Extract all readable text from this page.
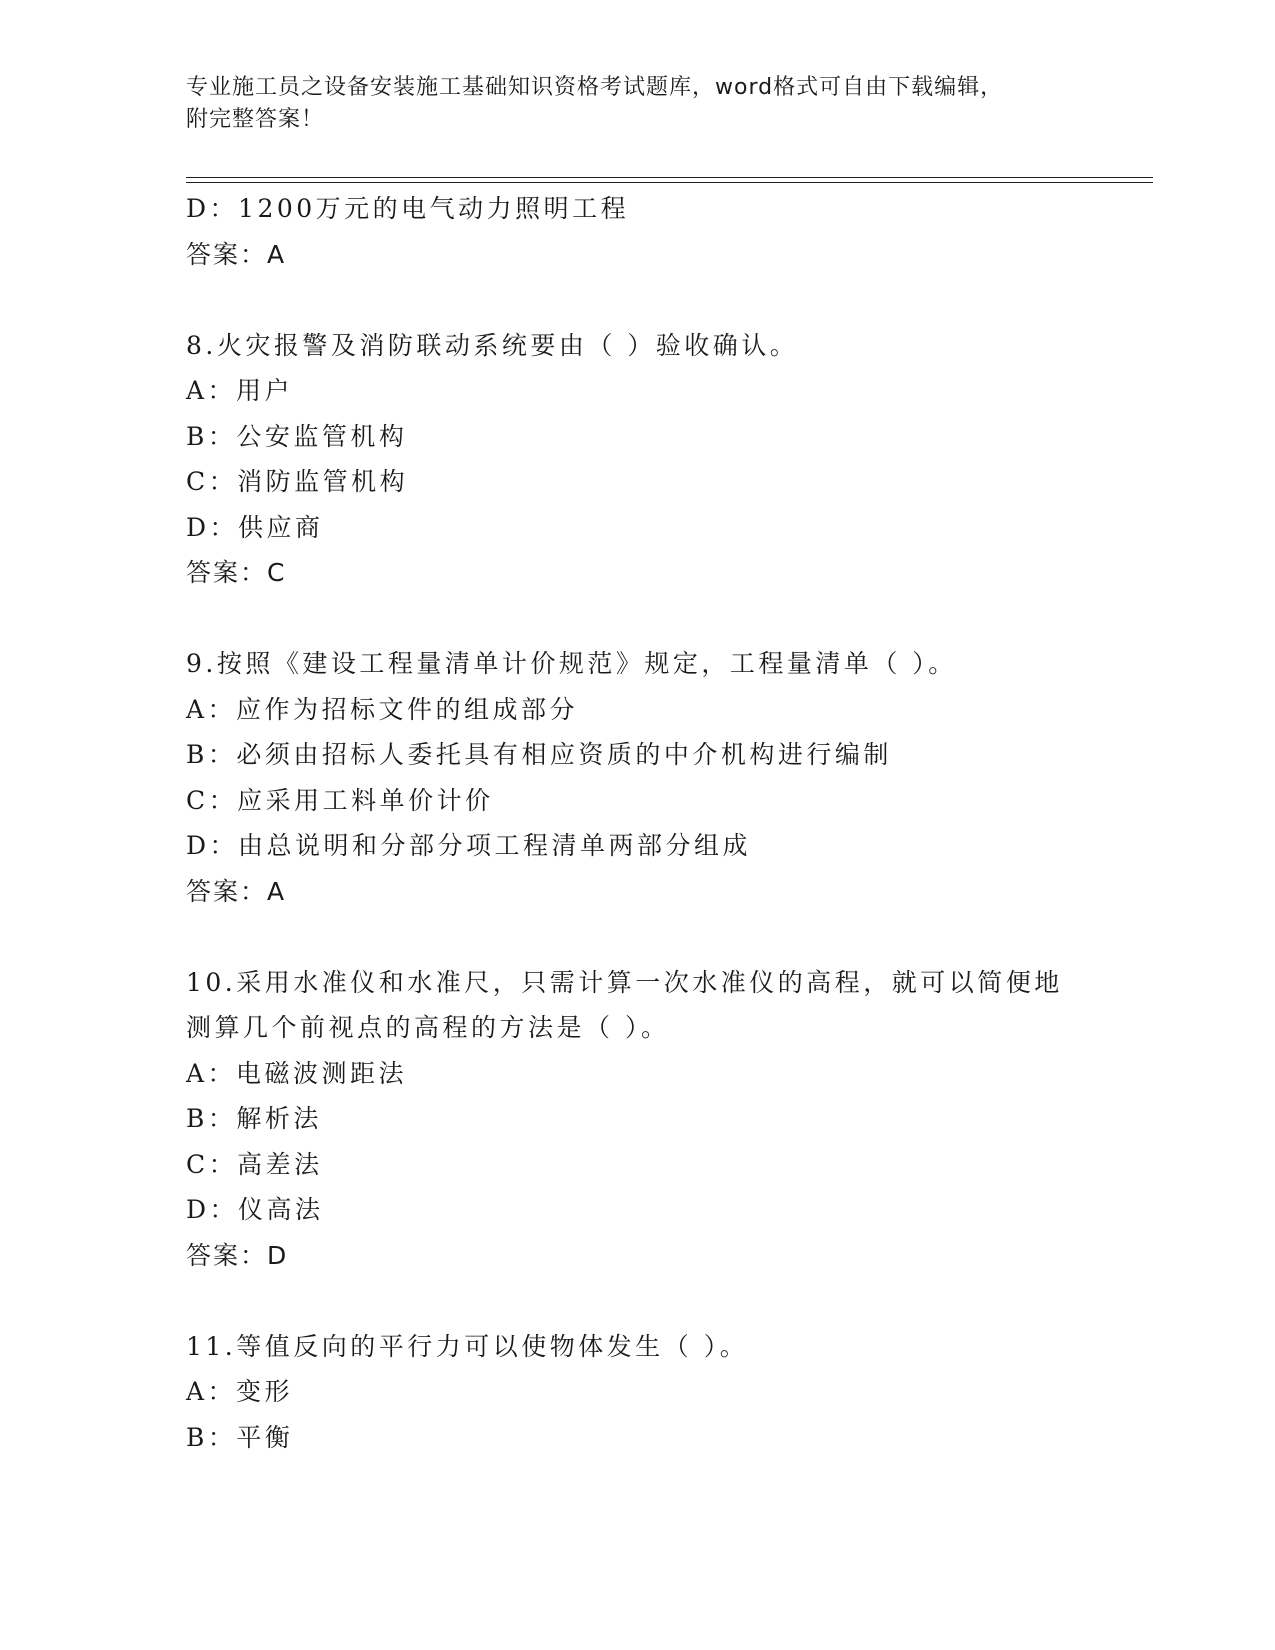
专业施工员之设备安装施工基础知识资格考试题库，word格式可自由下载编辑，
附完整答案！
D：1200万元的电气动力照明工程
答案：A
8.火灾报警及消防联动系统要由（ ）验收确认。
A：用户
B：公安监管机构
C：消防监管机构
D：供应商
答案：C
9.按照《建设工程量清单计价规范》规定，工程量清单（ ）。
A：应作为招标文件的组成部分
B：必须由招标人委托具有相应资质的中介机构进行编制
C：应采用工料单价计价
D：由总说明和分部分项工程清单两部分组成
答案：A
10.采用水准仪和水准尺，只需计算一次水准仪的高程，就可以简便地
测算几个前视点的高程的方法是（ ）。
A：电磁波测距法
B：解析法
C：高差法
D：仪高法
答案：D
11.等值反向的平行力可以使物体发生（ ）。
A：变形
B：平衡
